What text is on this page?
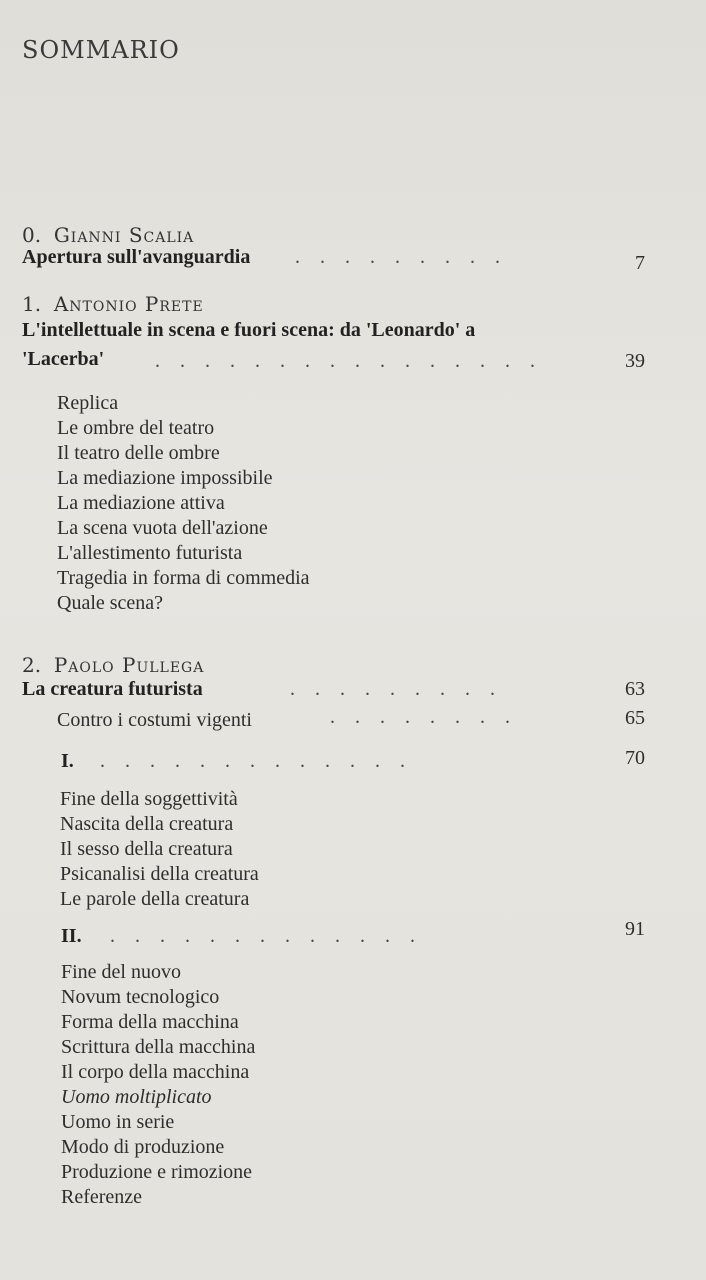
SOMMARIO
0. Gianni Scalia
Apertura sull'avanguardia .........	7
1. Antonio Prete
L'intellettuale in scena e fuori scena: da 'Leonardo' a
'Lacerba'	................	39
Replica
Le ombre del teatro
Il teatro delle ombre
La mediazione impossibile
La mediazione attiva
La scena vuota dell'azione
L'allestimento futurista
Tragedia in forma di commedia
Quale scena?
2. Paolo Pullega
La creatura futurista	.........	63
Contro i costumi vigenti	........	65
I. .............	70
Fine della soggettività
Nascita della creatura
Il sesso della creatura
Psicanalisi della creatura
Le parole della creatura
II. .............	91
Fine del nuovo
Novum tecnologico
Forma della macchina
Scrittura della macchina
Il corpo della macchina
Uomo moltiplicato
Uomo in serie
Modo di produzione
Produzione e rimozione
Referenze
